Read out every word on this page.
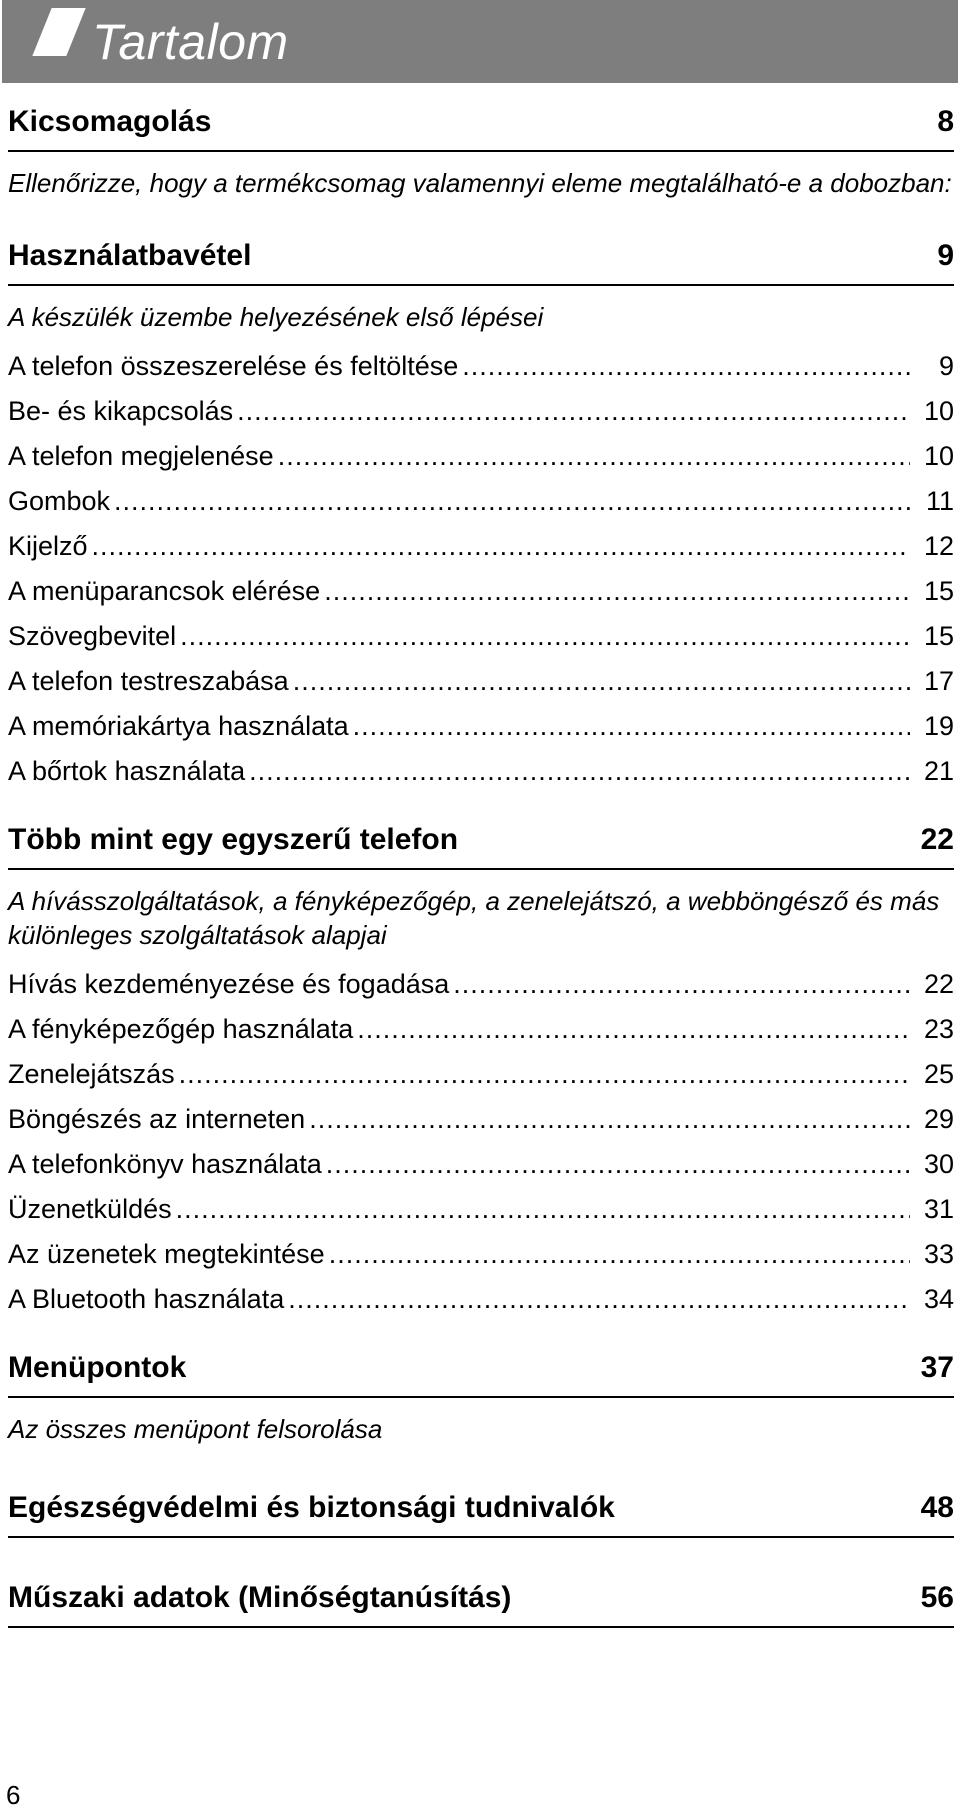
Tartalom
Kicsomagolás	8
Ellenőrizze, hogy a termékcsomag valamennyi eleme megtalálható-e a dobozban:
Használatbavétel	9
A készülék üzembe helyezésének első lépései
A telefon összeszerelése és feltöltése .....	9
Be- és kikapcsolás .....	10
A telefon megjelenése .....	10
Gombok .....	11
Kijelző .....	12
A menüparancsok elérése .....	15
Szövegbevitel .....	15
A telefon testreszabása .....	17
A memóriakártya használata .....	19
A bőrtok használata .....	21
Több mint egy egyszerű telefon	22
A hívásszolgáltatások, a fényképezőgép, a zenelejátszó, a webböngésző és más különleges szolgáltatások alapjai
Hívás kezdeményezése és fogadása .....	22
A fényképezőgép használata .....	23
Zenelejátszás .....	25
Böngészés az interneten .....	29
A telefonkönyv használata .....	30
Üzenetküldés .....	31
Az üzenetek megtekintése .....	33
A Bluetooth használata .....	34
Menüpontok	37
Az összes menüpont felsorolása
Egészségvédelmi és biztonsági tudnivalók	48
Műszaki adatok (Minőségtanúsítás)	56
6
